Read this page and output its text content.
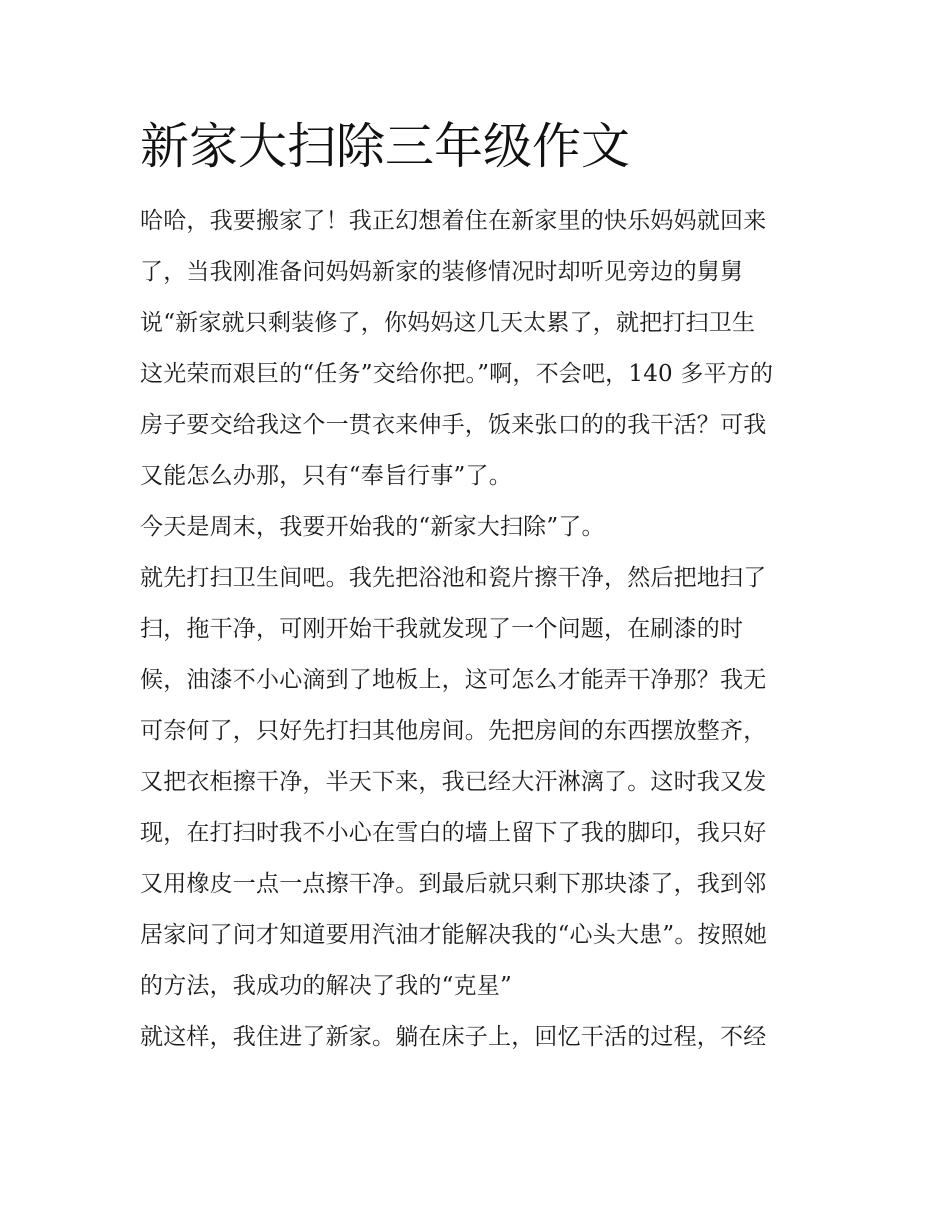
新家大扫除三年级作文

哈哈，我要搬家了！我正幻想着住在新家里的快乐妈妈就回来
了，当我刚准备问妈妈新家的装修情况时却听见旁边的舅舅
说“新家就只剩装修了，你妈妈这几天太累了，就把打扫卫生
这光荣而艰巨的“任务”交给你把。”啊，不会吧，140 多平方的
房子要交给我这个一贯衣来伸手，饭来张口的的我干活？可我
又能怎么办那，只有“奉旨行事”了。

今天是周末，我要开始我的“新家大扫除”了。

就先打扫卫生间吧。我先把浴池和瓷片擦干净，然后把地扫了
扫，拖干净，可刚开始干我就发现了一个问题，在刷漆的时
候，油漆不小心滴到了地板上，这可怎么才能弄干净那？我无
可奈何了，只好先打扫其他房间。先把房间的东西摆放整齐，
又把衣柜擦干净，半天下来，我已经大汗淋漓了。这时我又发
现，在打扫时我不小心在雪白的墙上留下了我的脚印，我只好
又用橡皮一点一点擦干净。到最后就只剩下那块漆了，我到邻
居家问了问才知道要用汽油才能解决我的“心头大患”。按照她
的方法，我成功的解决了我的“克星”

就这样，我住进了新家。躺在床子上，回忆干活的过程，不经
